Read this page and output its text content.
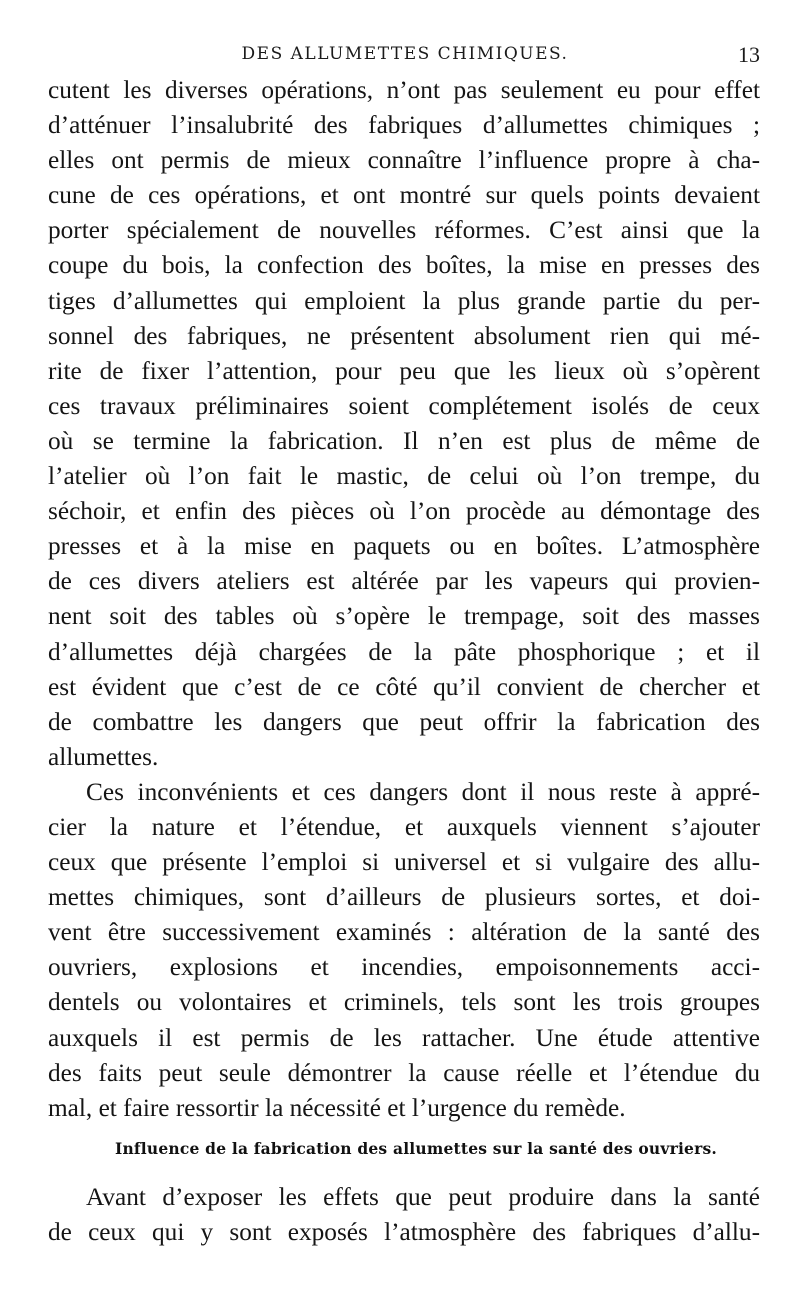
DES ALLUMETTES CHIMIQUES.	13
cutent les diverses opérations, n’ont pas seulement eu pour effet
d’atténuer l’insalubrité des fabriques d’allumettes chimiques ;
elles ont permis de mieux connaître l’influence propre à cha-
cune de ces opérations, et ont montré sur quels points devaient
porter spécialement de nouvelles réformes. C’est ainsi que la
coupe du bois, la confection des boîtes, la mise en presses des
tiges d’allumettes qui emploient la plus grande partie du per-
sonnel des fabriques, ne présentent absolument rien qui mé-
rite de fixer l’attention, pour peu que les lieux où s’opèrent
ces travaux préliminaires soient complétement isolés de ceux
où se termine la fabrication. Il n’en est plus de même de
l’atelier où l’on fait le mastic, de celui où l’on trempe, du
séchoir, et enfin des pièces où l’on procède au démontage des
presses et à la mise en paquets ou en boîtes. L’atmosphère
de ces divers ateliers est altérée par les vapeurs qui provien-
nent soit des tables où s’opère le trempage, soit des masses
d’allumettes déjà chargées de la pâte phosphorique ; et il
est évident que c’est de ce côté qu’il convient de chercher et
de combattre les dangers que peut offrir la fabrication des
allumettes.
Ces inconvénients et ces dangers dont il nous reste à appré-
cier la nature et l’étendue, et auxquels viennent s’ajouter
ceux que présente l’emploi si universel et si vulgaire des allu-
mettes chimiques, sont d’ailleurs de plusieurs sortes, et doi-
vent être successivement examinés : altération de la santé des
ouvriers, explosions et incendies, empoisonnements acci-
dentels ou volontaires et criminels, tels sont les trois groupes
auxquels il est permis de les rattacher. Une étude attentive
des faits peut seule démontrer la cause réelle et l’étendue du
mal, et faire ressortir la nécessité et l’urgence du remède.
Influence de la fabrication des allumettes sur la santé des ouvriers.
Avant d’exposer les effets que peut produire dans la santé
de ceux qui y sont exposés l’atmosphère des fabriques d’allu-
